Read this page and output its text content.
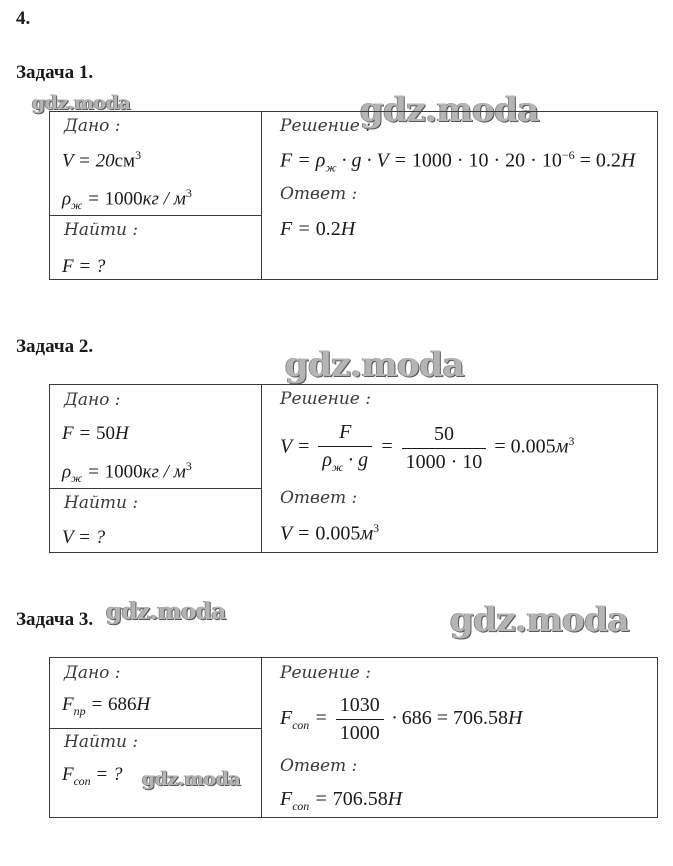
4.
Задача 1.
gdz.moda	gdz.moda
Дано :
$V = 20см^3$
$\rho_ж = 1000кг / м^3$
Найти :
F = ?
Решение :
$F = \rho_ж \cdot g \cdot V = 1000 \cdot 10 \cdot 20 \cdot 10^{-6} = 0.2H$
Ответ :
F = 0.2H
Задача 2.	gdz.moda
Дано :
F = 50H
$\rho_ж = 1000кг / м^3$
Найти :
V = ?
Решение :
$V = \frac{F}{\rho_ж \cdot g} = \frac{50}{1000 \cdot 10} = 0.005м^3$
Ответ :
$V = 0.005м^3$
Задача 3. gdz.moda	gdz.moda
Дано :
$F_{пр} = 686H$
Найти :
$F_{соп}$ = ? gdz.moda
Решение :
$F_{соп} = \frac{1030}{1000} \cdot 686 = 706.58H$
Ответ :
$F_{соп} = 706.58H$
